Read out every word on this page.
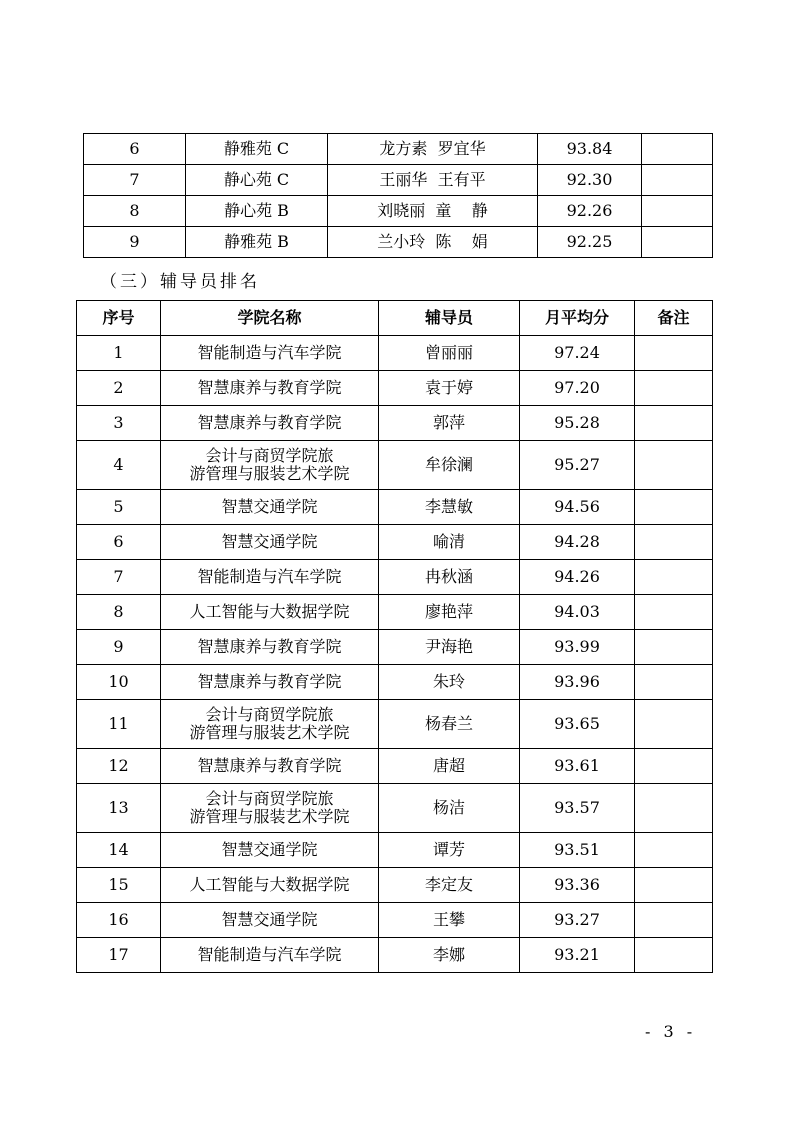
6	静雅苑 C	龙方素  罗宜华	93.84	
7	静心苑 C	王丽华  王有平	92.30	
8	静心苑 B	刘晓丽  童    静	92.26	
9	静雅苑 B	兰小玲  陈    娟	92.25	
（三）辅导员排名
序号	学院名称	辅导员	月平均分	备注
1	智能制造与汽车学院	曾丽丽	97.24	
2	智慧康养与教育学院	袁于婷	97.20	
3	智慧康养与教育学院	郭萍	95.28	
4	会计与商贸学院旅
游管理与服装艺术学院	牟徐澜	95.27	
5	智慧交通学院	李慧敏	94.56	
6	智慧交通学院	喻清	94.28	
7	智能制造与汽车学院	冉秋涵	94.26	
8	人工智能与大数据学院	廖艳萍	94.03	
9	智慧康养与教育学院	尹海艳	93.99	
10	智慧康养与教育学院	朱玲	93.96	
11	会计与商贸学院旅
游管理与服装艺术学院	杨春兰	93.65	
12	智慧康养与教育学院	唐超	93.61	
13	会计与商贸学院旅
游管理与服装艺术学院	杨洁	93.57	
14	智慧交通学院	谭芳	93.51	
15	人工智能与大数据学院	李定友	93.36	
16	智慧交通学院	王攀	93.27	
17	智能制造与汽车学院	李娜	93.21	
- 3 -
